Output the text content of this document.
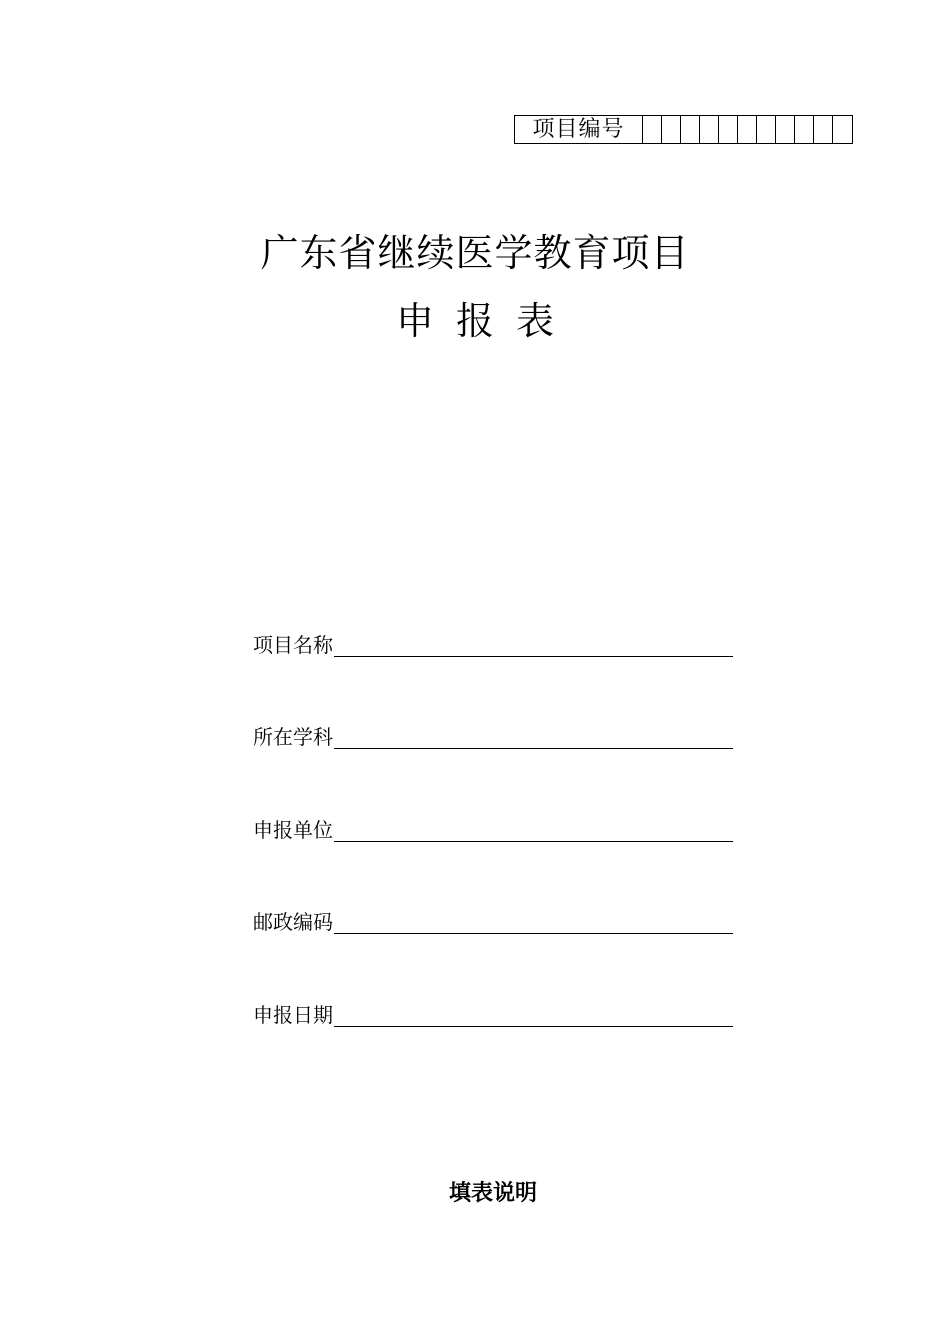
项目编号
广东省继续医学教育项目
申报表
项目名称
所在学科
申报单位
邮政编码
申报日期
填表说明
